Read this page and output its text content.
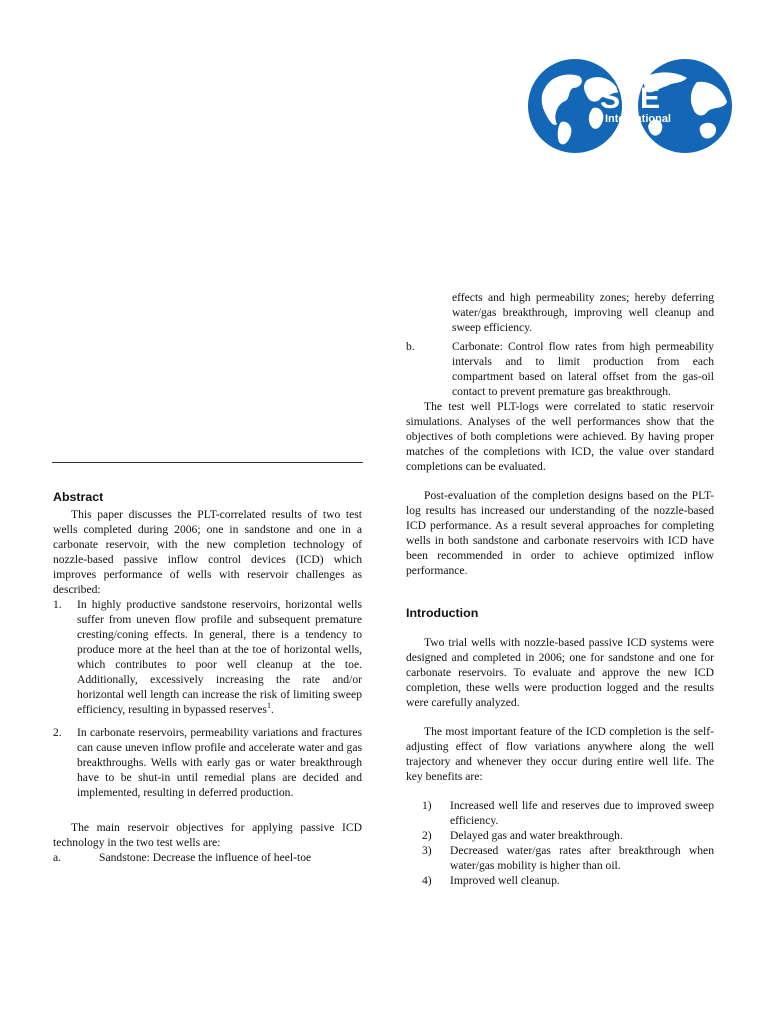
SPE
International
Abstract

This paper discusses the PLT-correlated results of two test wells completed during 2006; one in sandstone and one in a carbonate reservoir, with the new completion technology of nozzle-based passive inflow control devices (ICD) which improves performance of wells with reservoir challenges as described:

1. In highly productive sandstone reservoirs, horizontal wells suffer from uneven flow profile and subsequent premature cresting/coning effects. In general, there is a tendency to produce more at the heel than at the toe of horizontal wells, which contributes to poor well cleanup at the toe. Additionally, excessively increasing the rate and/or horizontal well length can increase the risk of limiting sweep efficiency, resulting in bypassed reserves$^1$.
2. In carbonate reservoirs, permeability variations and fractures can cause uneven inflow profile and accelerate water and gas breakthroughs. Wells with early gas or water breakthrough have to be shut-in until remedial plans are decided and implemented, resulting in deferred production.

The main reservoir objectives for applying passive ICD technology in the two test wells are:

a.	Sandstone: Decrease the influence of heel-toe

effects and high permeability zones; hereby deferring water/gas breakthrough, improving well cleanup and sweep efficiency.

b.	Carbonate: Control flow rates from high permeability intervals and to limit production from each compartment based on lateral offset from the gas-oil contact to prevent premature gas breakthrough.

The test well PLT-logs were correlated to static reservoir simulations. Analyses of the well performances show that the objectives of both completions were achieved. By having proper matches of the completions with ICD, the value over standard completions can be evaluated.

Post-evaluation of the completion designs based on the PLT-log results has increased our understanding of the nozzle-based ICD performance. As a result several approaches for completing wells in both sandstone and carbonate reservoirs with ICD have been recommended in order to achieve optimized inflow performance.

Introduction

Two trial wells with nozzle-based passive ICD systems were designed and completed in 2006; one for sandstone and one for carbonate reservoirs. To evaluate and approve the new ICD completion, these wells were production logged and the results were carefully analyzed.

The most important feature of the ICD completion is the self-adjusting effect of flow variations anywhere along the well trajectory and whenever they occur during entire well life. The key benefits are:

1) Increased well life and reserves due to improved sweep efficiency.
2) Delayed gas and water breakthrough.
3) Decreased water/gas rates after breakthrough when water/gas mobility is higher than oil.
4) Improved well cleanup.
